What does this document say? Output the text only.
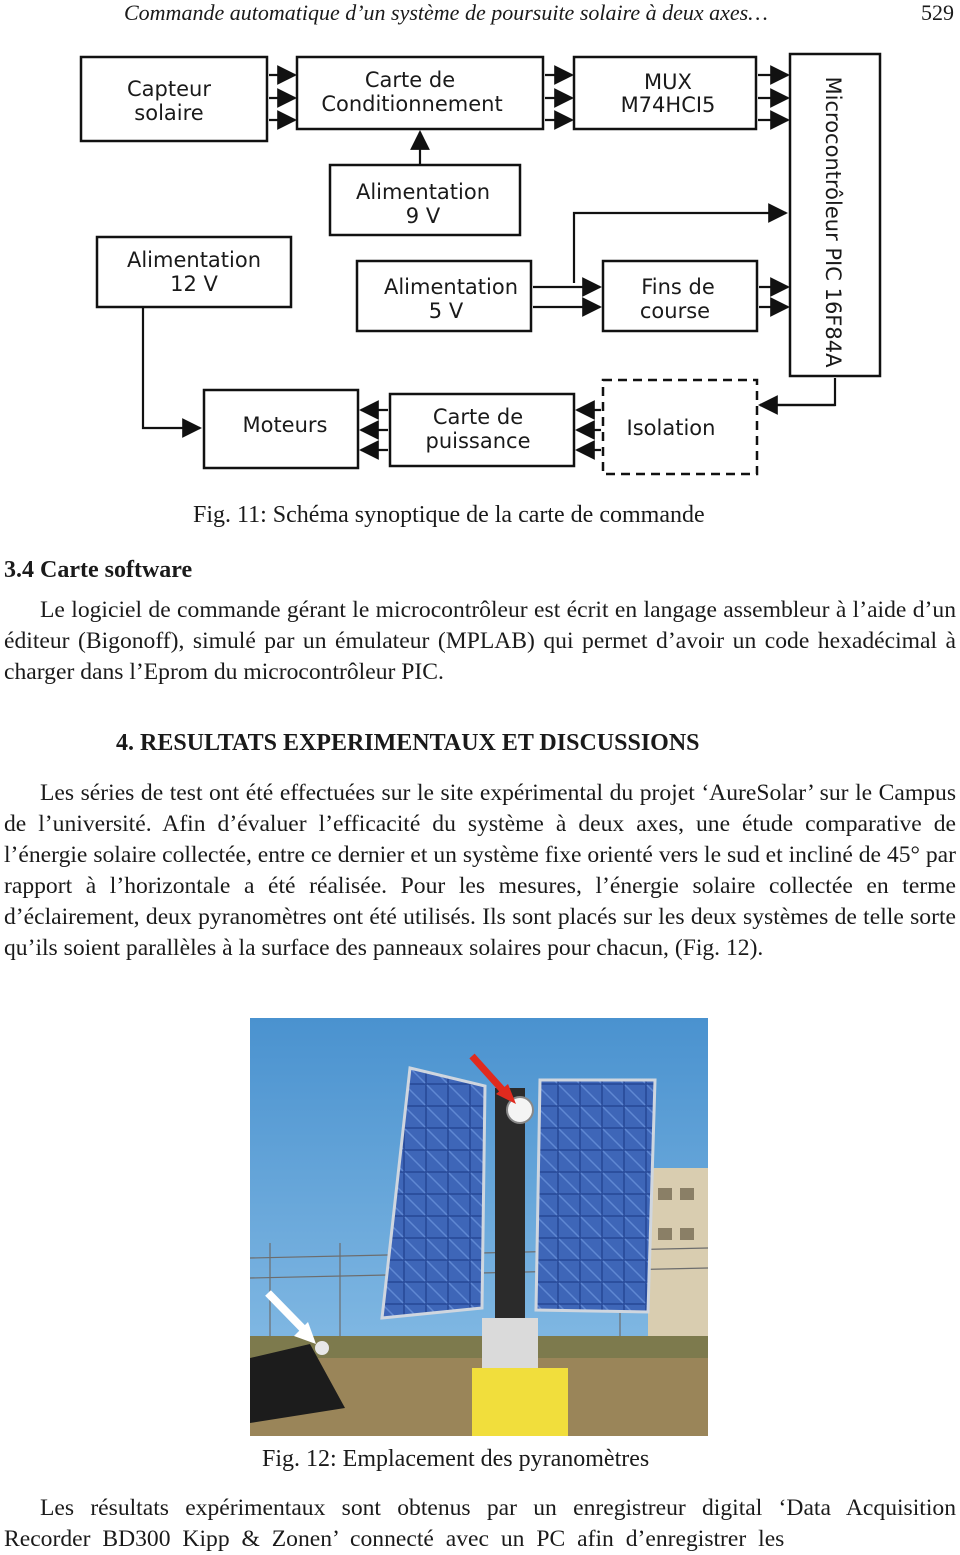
Commande automatique d’un système de poursuite solaire à deux axes…	529
Capteur
solaire
Carte de
Conditionnement
MUX
M74HCI5	Microcontrôleur PIC 16F84A
Alimentation
9 V
Alimentation
12 V	Alimentation
5 V
Fins de
course
Moteurs	Carte de
puissance
Isolation
Fig. 11: Schéma synoptique de la carte de commande
3.4 Carte software
Le logiciel de commande gérant le microcontrôleur est écrit en langage assembleur à l’aide d’un éditeur (Bigonoff), simulé par un émulateur (MPLAB) qui permet d’avoir un code hexadécimal à charger dans l’Eprom du microcontrôleur PIC.
4. RESULTATS EXPERIMENTAUX ET DISCUSSIONS
Les séries de test ont été effectuées sur le site expérimental du projet ‘AureSolar’ sur le Campus de l’université. Afin d’évaluer l’efficacité du système à deux axes, une étude comparative de l’énergie solaire collectée, entre ce dernier et un système fixe orienté vers le sud et incliné de 45° par rapport à l’horizontale a été réalisée. Pour les mesures, l’énergie solaire collectée en terme d’éclairement, deux pyranomètres ont été utilisés. Ils sont placés sur les deux systèmes de telle sorte qu’ils soient parallèles à la surface des panneaux solaires pour chacun, (Fig. 12).
Fig. 12: Emplacement des pyranomètres
Les résultats expérimentaux sont obtenus par un enregistreur digital ‘Data Acquisition Recorder BD300 Kipp & Zonen’ connecté avec un PC afin d’enregistrer les
